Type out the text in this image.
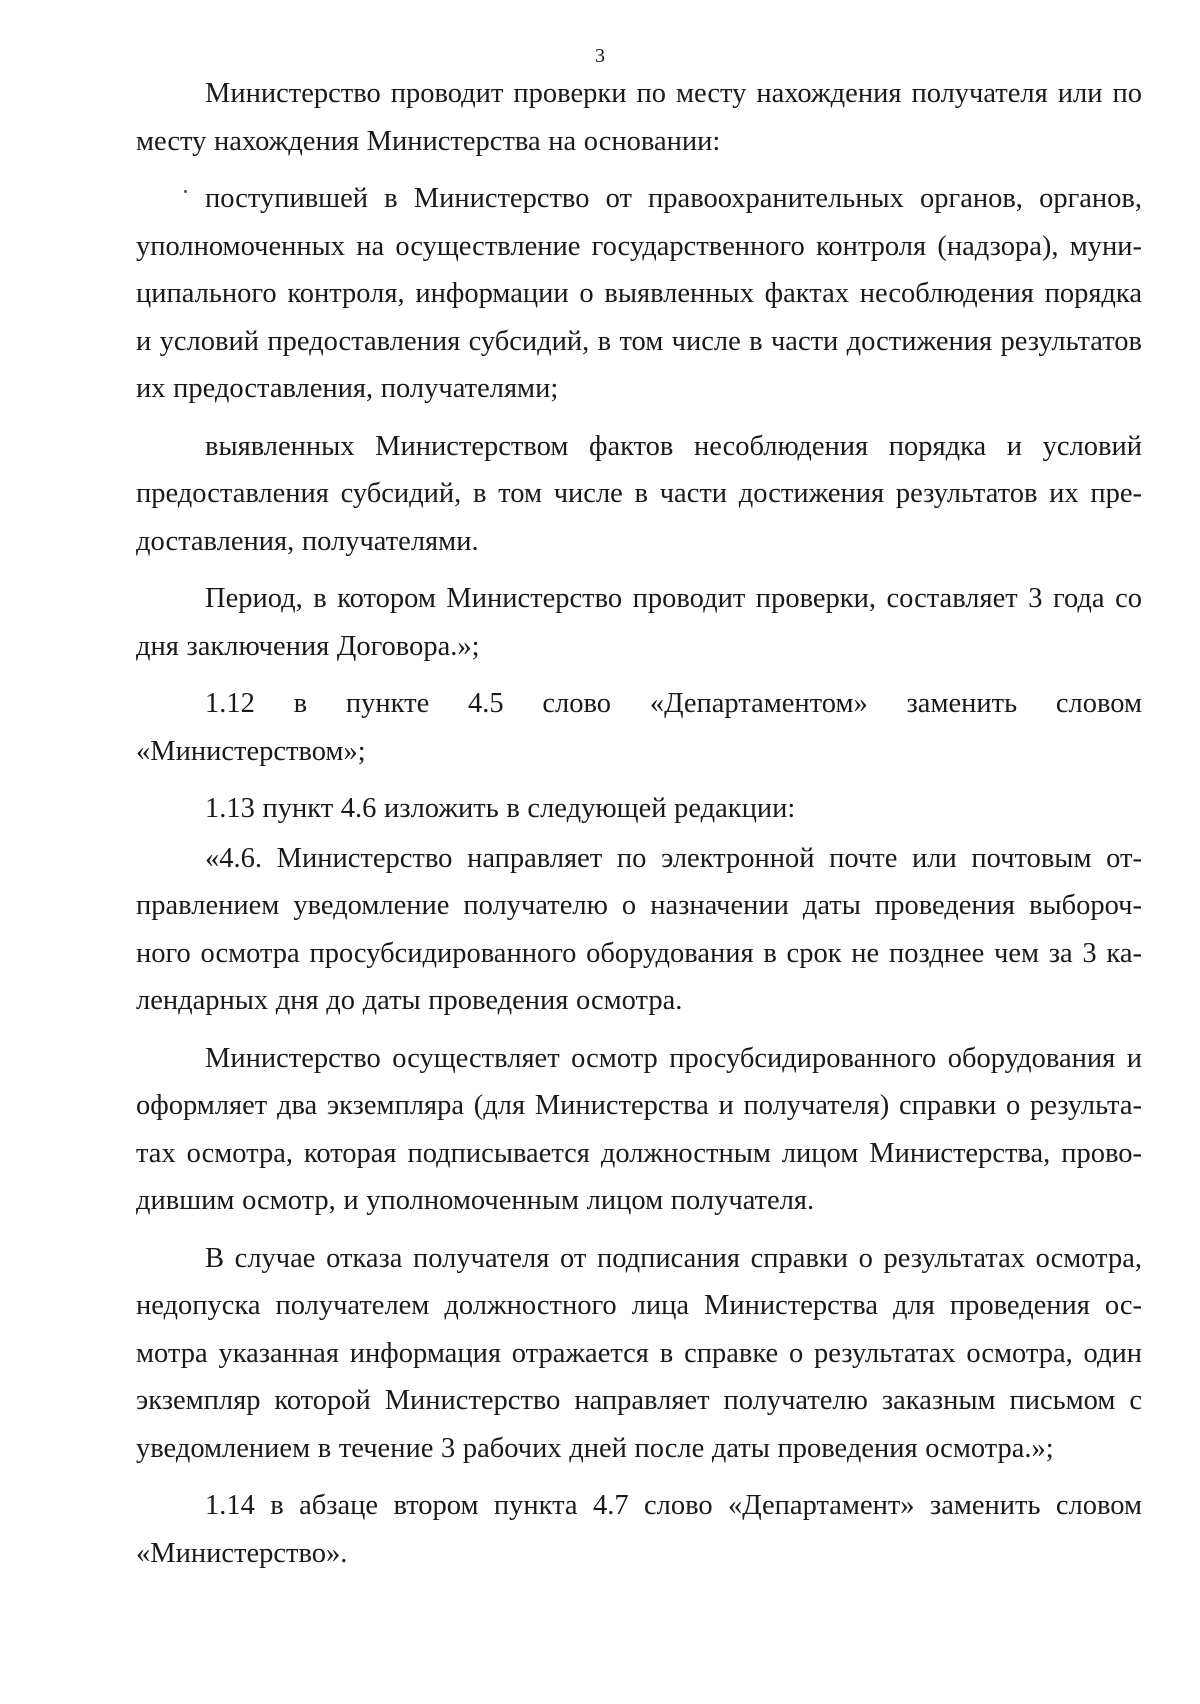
3

Министерство проводит проверки по месту нахождения получателя или по месту нахождения Министерства на основании:

поступившей в Министерство от правоохранительных органов, органов, уполномоченных на осуществление государственного контроля (надзора), муниципального контроля, информации о выявленных фактах несоблюдения порядка и условий предоставления субсидий, в том числе в части достижения результатов их предоставления, получателями;

выявленных Министерством фактов несоблюдения порядка и условий предоставления субсидий, в том числе в части достижения результатов их предоставления, получателями.

Период, в котором Министерство проводит проверки, составляет 3 года со дня заключения Договора.»;

1.12 в пункте 4.5 слово «Департаментом» заменить словом

«Министерством»;

1.13 пункт 4.6 изложить в следующей редакции:

«4.6. Министерство направляет по электронной почте или почтовым отправлением уведомление получателю о назначении даты проведения выборочного осмотра просубсидированного оборудования в срок не позднее чем за 3 календарных дня до даты проведения осмотра.

Министерство осуществляет осмотр просубсидированного оборудования и оформляет два экземпляра (для Министерства и получателя) справки о результатах осмотра, которая подписывается должностным лицом Министерства, проводившим осмотр, и уполномоченным лицом получателя.

В случае отказа получателя от подписания справки о результатах осмотра, недопуска получателем должностного лица Министерства для проведения осмотра указанная информация отражается в справке о результатах осмотра, один экземпляр которой Министерство направляет получателю заказным письмом с уведомлением в течение 3 рабочих дней после даты проведения осмотра.»;

1.14 в абзаце втором пункта 4.7 слово «Департамент» заменить словом «Министерство».
